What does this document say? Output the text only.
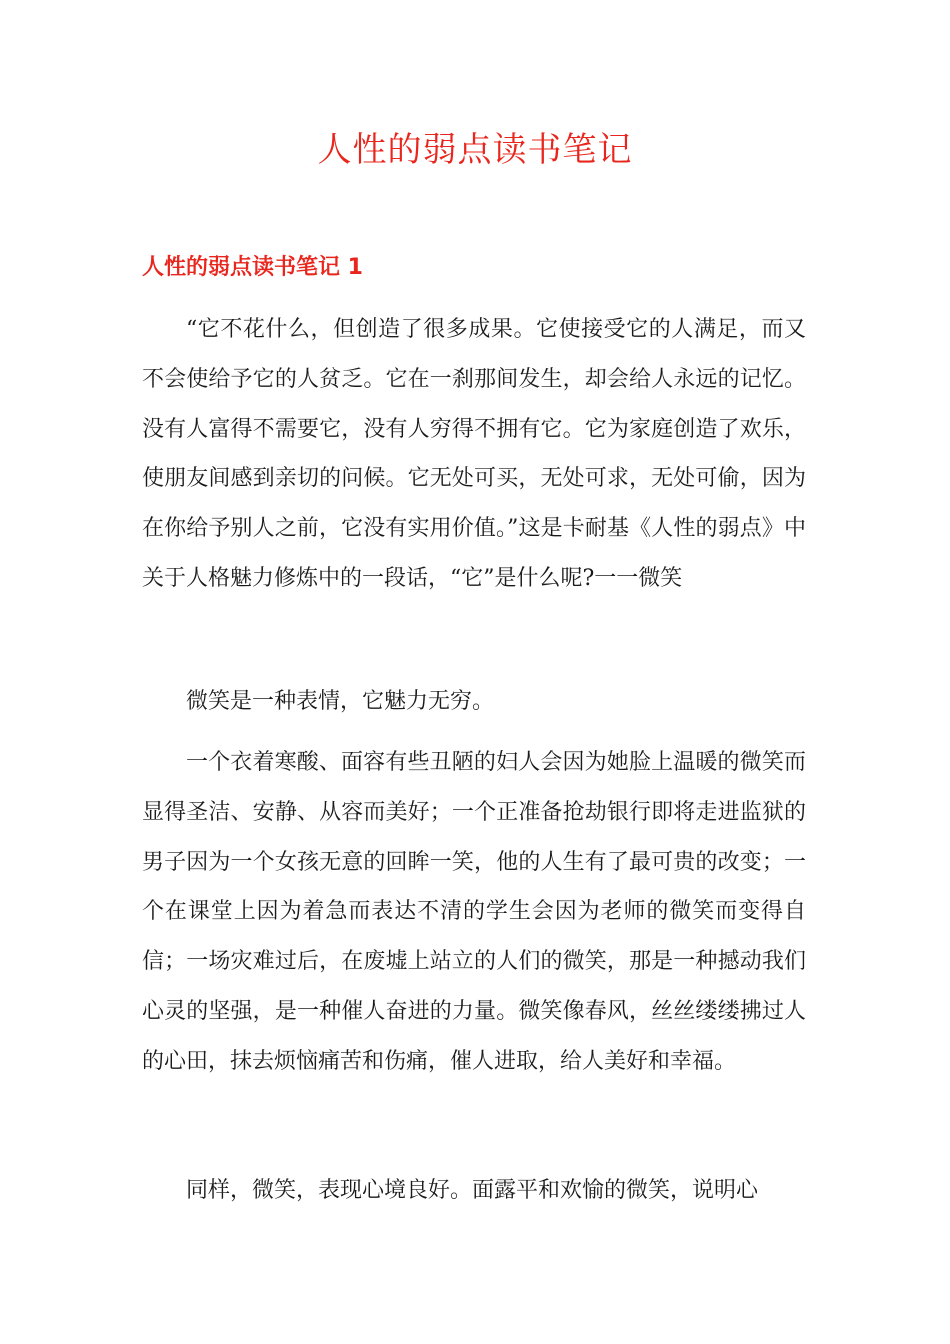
人性的弱点读书笔记
人性的弱点读书笔记 1

“它不花什么，但创造了很多成果。它使接受它的人满足，而又不会使给予它的人贫乏。它在一刹那间发生，却会给人永远的记忆。没有人富得不需要它，没有人穷得不拥有它。它为家庭创造了欢乐，使朋友间感到亲切的问候。它无处可买，无处可求，无处可偷，因为在你给予别人之前，它没有实用价值。”这是卡耐基《人性的弱点》中关于人格魅力修炼中的一段话，“它”是什么呢?一一微笑

微笑是一种表情，它魅力无穷。

一个衣着寒酸、面容有些丑陋的妇人会因为她脸上温暖的微笑而显得圣洁、安静、从容而美好；一个正准备抢劫银行即将走进监狱的男子因为一个女孩无意的回眸一笑，他的人生有了最可贵的改变；一个在课堂上因为着急而表达不清的学生会因为老师的微笑而变得自信；一场灾难过后，在废墟上站立的人们的微笑，那是一种撼动我们心灵的坚强，是一种催人奋进的力量。微笑像春风，丝丝缕缕拂过人的心田，抹去烦恼痛苦和伤痛，催人进取，给人美好和幸福。

同样，微笑，表现心境良好。面露平和欢愉的微笑，说明心
